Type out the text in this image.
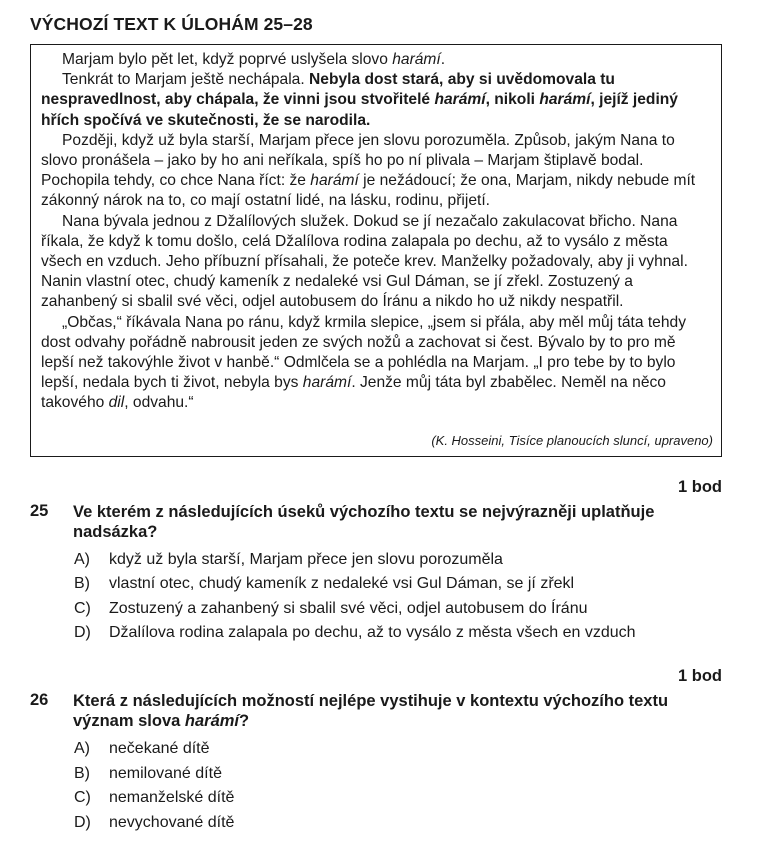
VÝCHOZÍ TEXT K ÚLOHÁM 25–28

Marjam bylo pět let, když poprvé uslyšela slovo harámí.

Tenkrát to Marjam ještě nechápala. Nebyla dost stará, aby si uvědomovala tu nespravedlnost, aby chápala, že vinni jsou stvořitelé harámí, nikoli harámí, jejíž jediný hřích spočívá ve skutečnosti, že se narodila.

Později, když už byla starší, Marjam přece jen slovu porozuměla. Způsob, jakým Nana to slovo pronášela – jako by ho ani neříkala, spíš ho po ní plivala – Marjam štiplavě bodal. Pochopila tehdy, co chce Nana říct: že harámí je nežádoucí; že ona, Marjam, nikdy nebude mít zákonný nárok na to, co mají ostatní lidé, na lásku, rodinu, přijetí.

Nana bývala jednou z Džalílových služek. Dokud se jí nezačalo zakulacovat břicho. Nana říkala, že když k tomu došlo, celá Džalílova rodina zalapala po dechu, až to vysálo z města všech en vzduch. Jeho příbuzní přísahali, že poteče krev. Manželky požadovaly, aby ji vyhnal. Nanin vlastní otec, chudý kameník z nedaleké vsi Gul Dáman, se jí zřekl. Zostuzený a zahanbený si sbalil své věci, odjel autobusem do Íránu a nikdo ho už nikdy nespatřil.

„Občas,“ říkávala Nana po ránu, když krmila slepice, „jsem si přála, aby měl můj táta tehdy dost odvahy pořádně nabrousit jeden ze svých nožů a zachovat si čest. Bývalo by to pro mě lepší než takovýhle život v hanbě.“ Odmlčela se a pohlédla na Marjam. „I pro tebe by to bylo lepší, nedala bych ti život, nebyla bys harámí. Jenže můj táta byl zbabělec. Neměl na něco takového dil, odvahu.“

(K. Hosseini, Tisíce planoucích sluncí, upraveno)
1 bod
25 Ve kterém z následujících úseků výchozího textu se nejvýrazněji uplatňuje nadsázka?
A) když už byla starší, Marjam přece jen slovu porozuměla
B) vlastní otec, chudý kameník z nedaleké vsi Gul Dáman, se jí zřekl
C) Zostuzený a zahanbený si sbalil své věci, odjel autobusem do Íránu
D) Džalílova rodina zalapala po dechu, až to vysálo z města všech en vzduch
1 bod
26 Která z následujících možností nejlépe vystihuje v kontextu výchozího textu význam slova harámí?
A) nečekané dítě
B) nemilované dítě
C) nemanželské dítě
D) nevychované dítě
